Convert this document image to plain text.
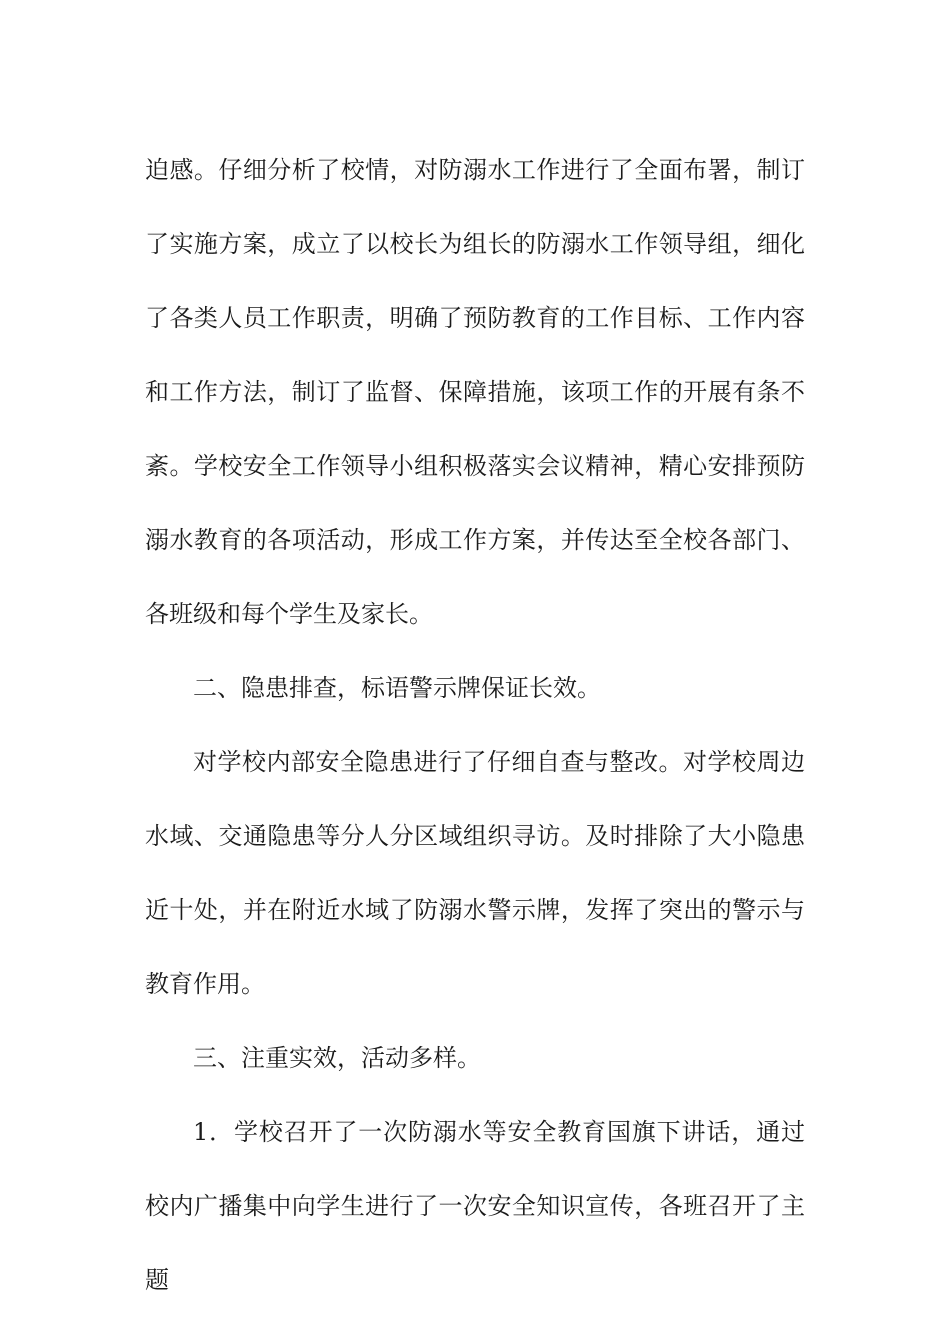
迫感。仔细分析了校情，对防溺水工作进行了全面布署，制订了实施方案，成立了以校长为组长的防溺水工作领导组，细化了各类人员工作职责，明确了预防教育的工作目标、工作内容和工作方法，制订了监督、保障措施，该项工作的开展有条不紊。学校安全工作领导小组积极落实会议精神，精心安排预防溺水教育的各项活动，形成工作方案，并传达至全校各部门、各班级和每个学生及家长。

二、隐患排查，标语警示牌保证长效。

对学校内部安全隐患进行了仔细自查与整改。对学校周边水域、交通隐患等分人分区域组织寻访。及时排除了大小隐患近十处，并在附近水域了防溺水警示牌，发挥了突出的警示与教育作用。

三、注重实效，活动多样。

1．学校召开了一次防溺水等安全教育国旗下讲话，通过校内广播集中向学生进行了一次安全知识宣传，各班召开了主题
